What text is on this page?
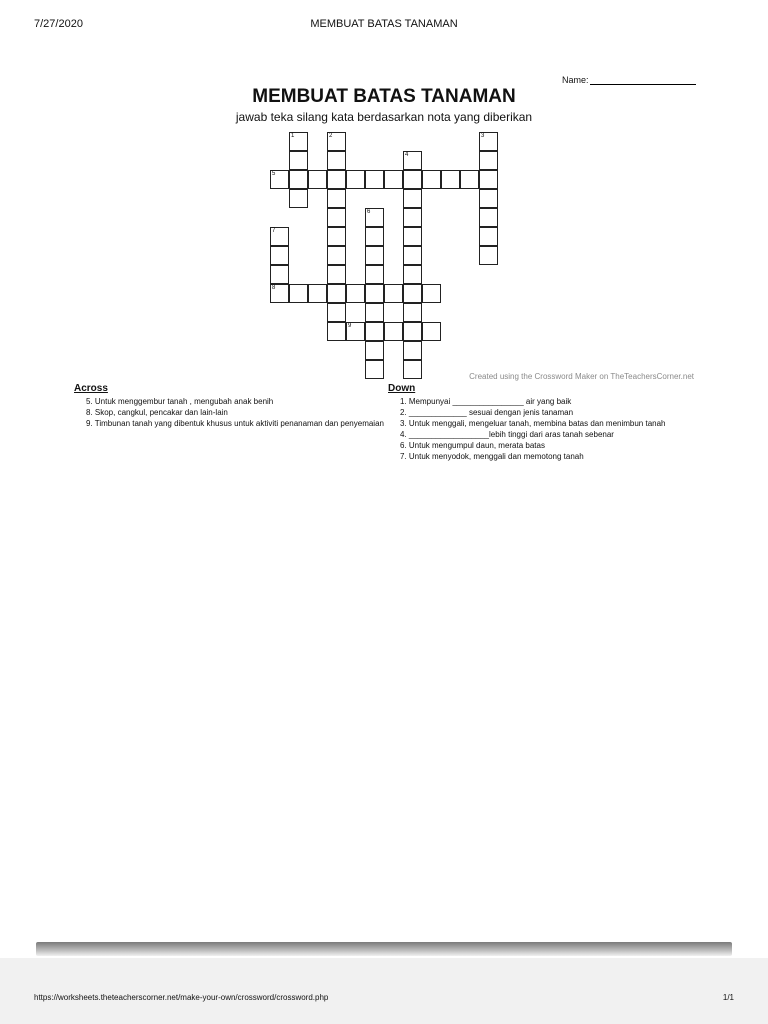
7/27/2020	MEMBUAT BATAS TANAMAN
Name:
MEMBUAT BATAS TANAMAN
jawab teka silang kata berdasarkan nota yang diberikan
1	2	3
4
5
6
7
8
9
Created using the Crossword Maker on TheTeachersCorner.net
Across
5. Untuk menggembur tanah , mengubah anak benih
8. Skop, cangkul, pencakar dan lain-lain
9. Timbunan tanah yang dibentuk khusus untuk aktiviti penanaman dan penyemaian
Down
1. Mempunyai ________________ air yang baik
2. _____________ sesuai dengan jenis tanaman
3. Untuk menggali, mengeluar tanah, membina batas dan menimbun tanah
4. __________________lebih tinggi dari aras tanah sebenar
6. Untuk mengumpul daun, merata batas
7. Untuk menyodok, menggali dan memotong tanah
https://worksheets.theteacherscorner.net/make-your-own/crossword/crossword.php	1/1
